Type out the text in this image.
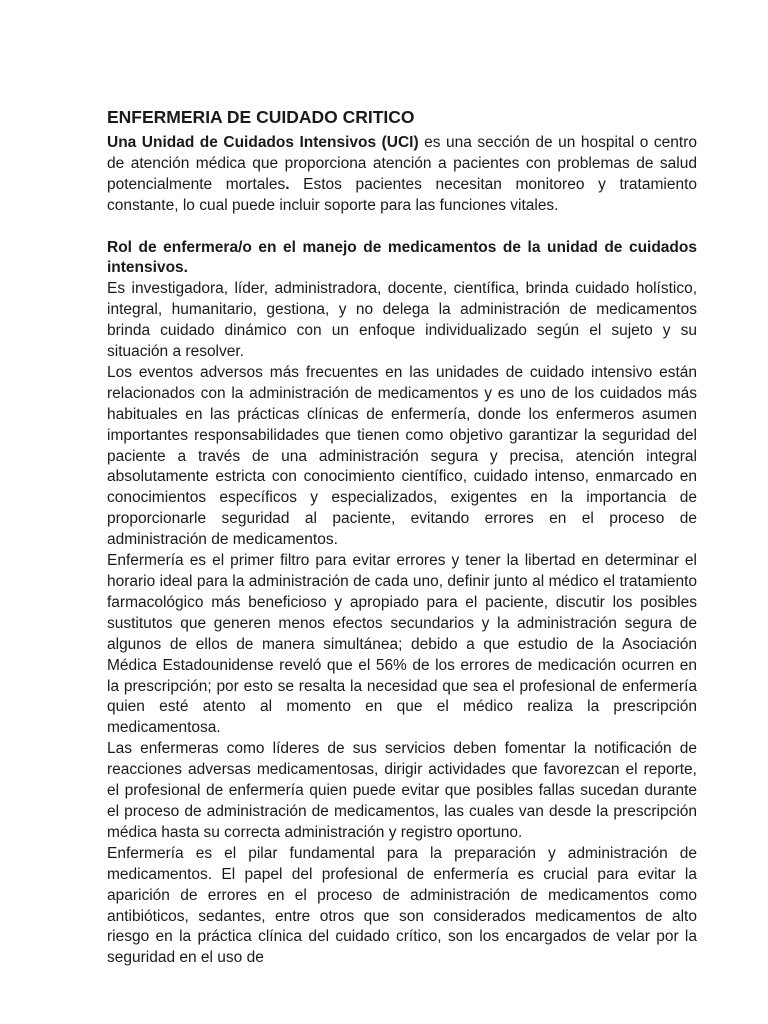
ENFERMERIA DE CUIDADO CRITICO

Una Unidad de Cuidados Intensivos (UCI) es una sección de un hospital o centro de atención médica que proporciona atención a pacientes con problemas de salud potencialmente mortales. Estos pacientes necesitan monitoreo y tratamiento constante, lo cual puede incluir soporte para las funciones vitales.

Rol de enfermera/o en el manejo de medicamentos de la unidad de cuidados intensivos.

Es investigadora, líder, administradora, docente, científica, brinda cuidado holístico, integral, humanitario, gestiona, y no delega la administración de medicamentos brinda cuidado dinámico con un enfoque individualizado según el sujeto y su situación a resolver.

Los eventos adversos más frecuentes en las unidades de cuidado intensivo están relacionados con la administración de medicamentos y es uno de los cuidados más habituales en las prácticas clínicas de enfermería, donde los enfermeros asumen importantes responsabilidades que tienen como objetivo garantizar la seguridad del paciente a través de una administración segura y precisa, atención integral absolutamente estricta con conocimiento científico, cuidado intenso, enmarcado en conocimientos específicos y especializados, exigentes en la importancia de proporcionarle seguridad al paciente, evitando errores en el proceso de administración de medicamentos.

Enfermería es el primer filtro para evitar errores y tener la libertad en determinar el horario ideal para la administración de cada uno, definir junto al médico el tratamiento farmacológico más beneficioso y apropiado para el paciente, discutir los posibles sustitutos que generen menos efectos secundarios y la administración segura de algunos de ellos de manera simultánea; debido a que estudio de la Asociación Médica Estadounidense reveló que el 56% de los errores de medicación ocurren en la prescripción; por esto se resalta la necesidad que sea el profesional de enfermería quien esté atento al momento en que el médico realiza la prescripción medicamentosa.

Las enfermeras como líderes de sus servicios deben fomentar la notificación de reacciones adversas medicamentosas, dirigir actividades que favorezcan el reporte, el profesional de enfermería quien puede evitar que posibles fallas sucedan durante el proceso de administración de medicamentos, las cuales van desde la prescripción médica hasta su correcta administración y registro oportuno.

Enfermería es el pilar fundamental para la preparación y administración de medicamentos. El papel del profesional de enfermería es crucial para evitar la aparición de errores en el proceso de administración de medicamentos como antibióticos, sedantes, entre otros que son considerados medicamentos de alto riesgo en la práctica clínica del cuidado crítico, son los encargados de velar por la seguridad en el uso de
